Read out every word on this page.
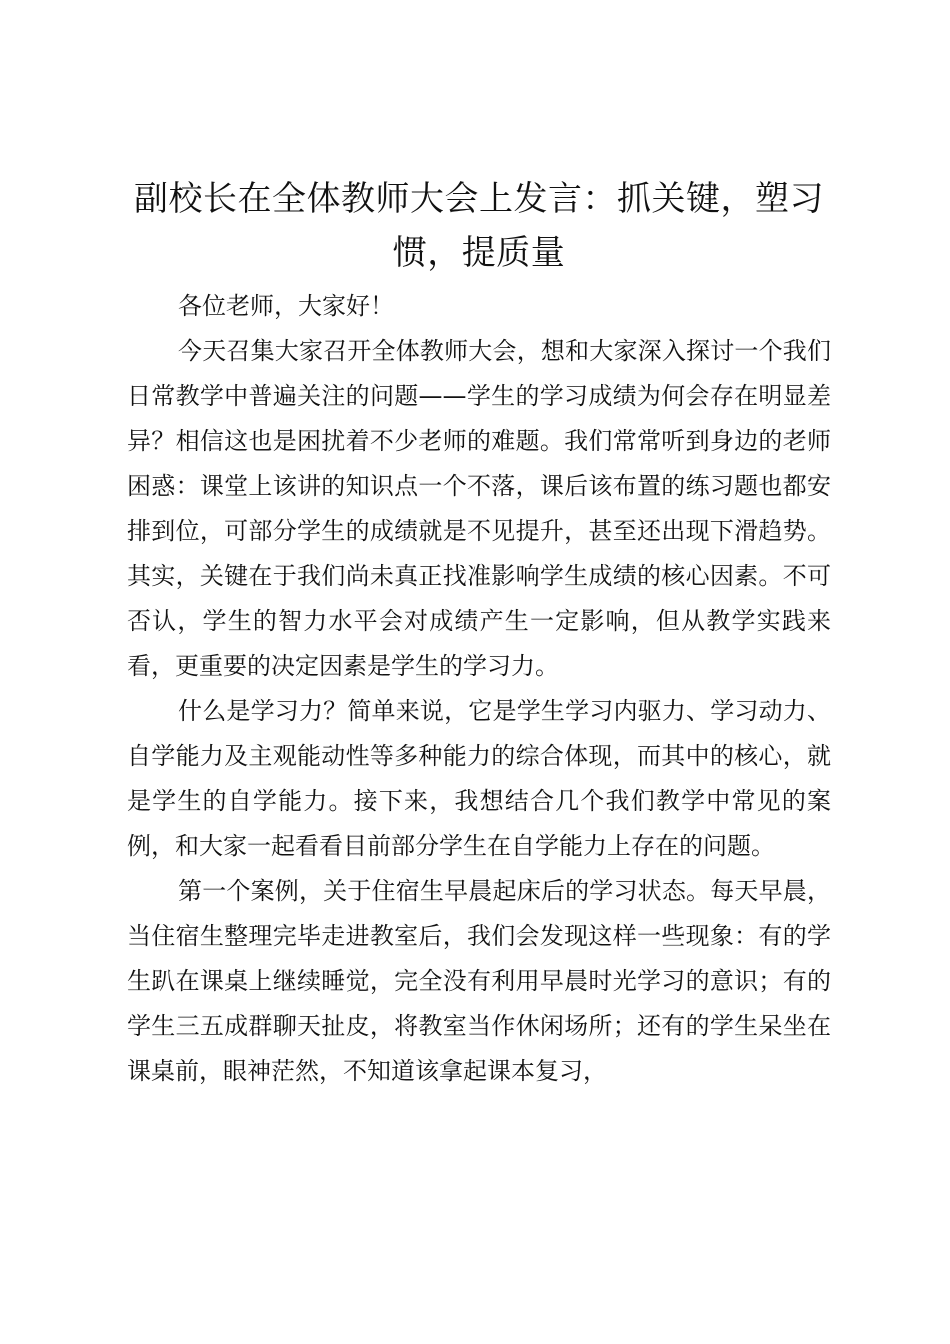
副校长在全体教师大会上发言：抓关键，塑习惯，提质量

各位老师，大家好！

今天召集大家召开全体教师大会，想和大家深入探讨一个我们日常教学中普遍关注的问题——学生的学习成绩为何会存在明显差异？相信这也是困扰着不少老师的难题。我们常常听到身边的老师困惑：课堂上该讲的知识点一个不落，课后该布置的练习题也都安排到位，可部分学生的成绩就是不见提升，甚至还出现下滑趋势。其实，关键在于我们尚未真正找准影响学生成绩的核心因素。不可否认，学生的智力水平会对成绩产生一定影响，但从教学实践来看，更重要的决定因素是学生的学习力。

什么是学习力？简单来说，它是学生学习内驱力、学习动力、自学能力及主观能动性等多种能力的综合体现，而其中的核心，就是学生的自学能力。接下来，我想结合几个我们教学中常见的案例，和大家一起看看目前部分学生在自学能力上存在的问题。

第一个案例，关于住宿生早晨起床后的学习状态。每天早晨，当住宿生整理完毕走进教室后，我们会发现这样一些现象：有的学生趴在课桌上继续睡觉，完全没有利用早晨时光学习的意识；有的学生三五成群聊天扯皮，将教室当作休闲场所；还有的学生呆坐在课桌前，眼神茫然，不知道该拿起课本复习，
